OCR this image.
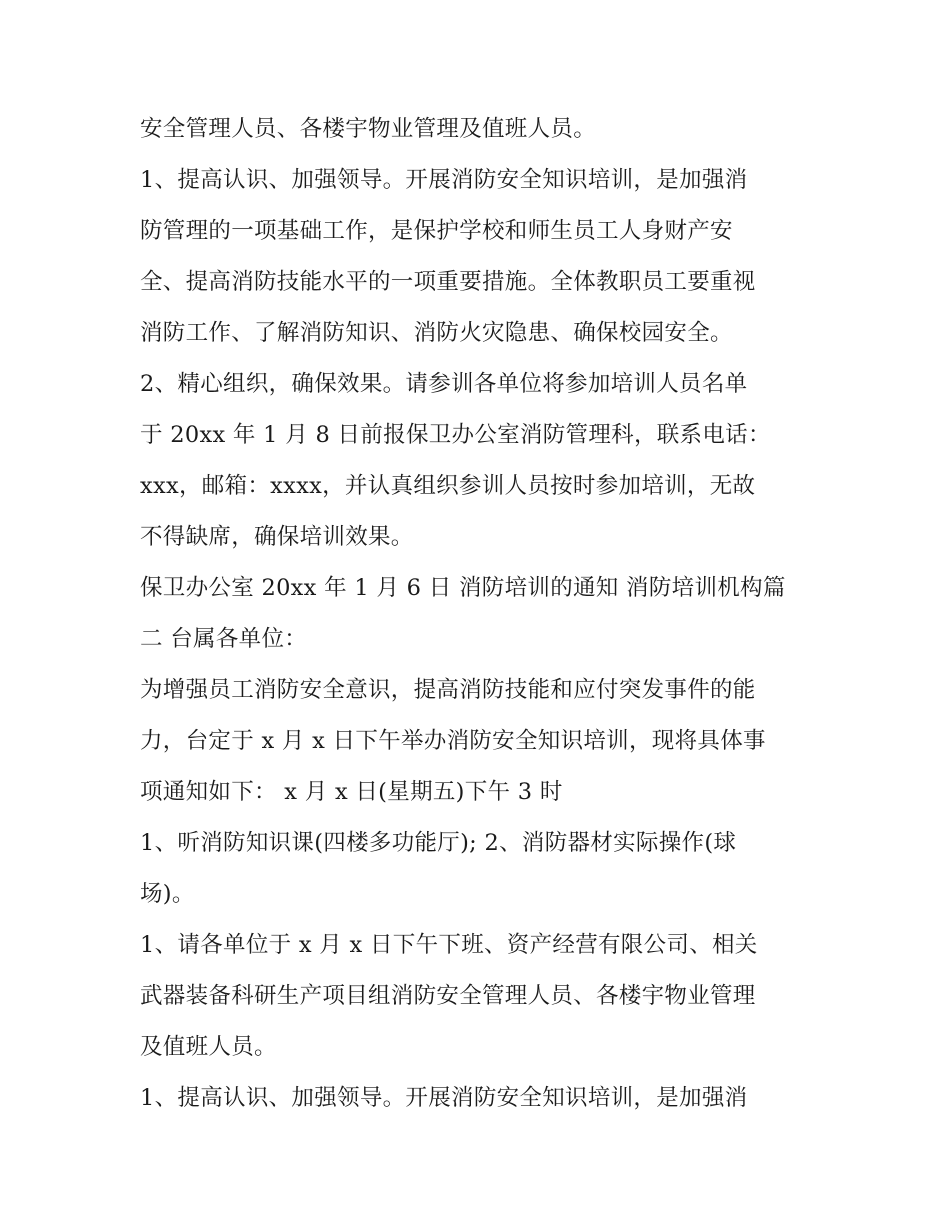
安全管理人员、各楼宇物业管理及值班人员。
1、提高认识、加强领导。开展消防安全知识培训，是加强消
防管理的一项基础工作，是保护学校和师生员工人身财产安
全、提高消防技能水平的一项重要措施。全体教职员工要重视
消防工作、了解消防知识、消防火灾隐患、确保校园安全。
2、精心组织，确保效果。请参训各单位将参加培训人员名单
于 20xx 年 1 月 8 日前报保卫办公室消防管理科，联系电话：
xxx，邮箱：xxxx，并认真组织参训人员按时参加培训，无故
不得缺席，确保培训效果。
保卫办公室 20xx 年 1 月 6 日 消防培训的通知 消防培训机构篇
二 台属各单位：
为增强员工消防安全意识，提高消防技能和应付突发事件的能
力，台定于 x 月 x 日下午举办消防安全知识培训，现将具体事
项通知如下： x 月 x 日(星期五)下午 3 时
1、听消防知识课(四楼多功能厅); 2、消防器材实际操作(球
场)。
1、请各单位于 x 月 x 日下午下班、资产经营有限公司、相关
武器装备科研生产项目组消防安全管理人员、各楼宇物业管理
及值班人员。
1、提高认识、加强领导。开展消防安全知识培训，是加强消
